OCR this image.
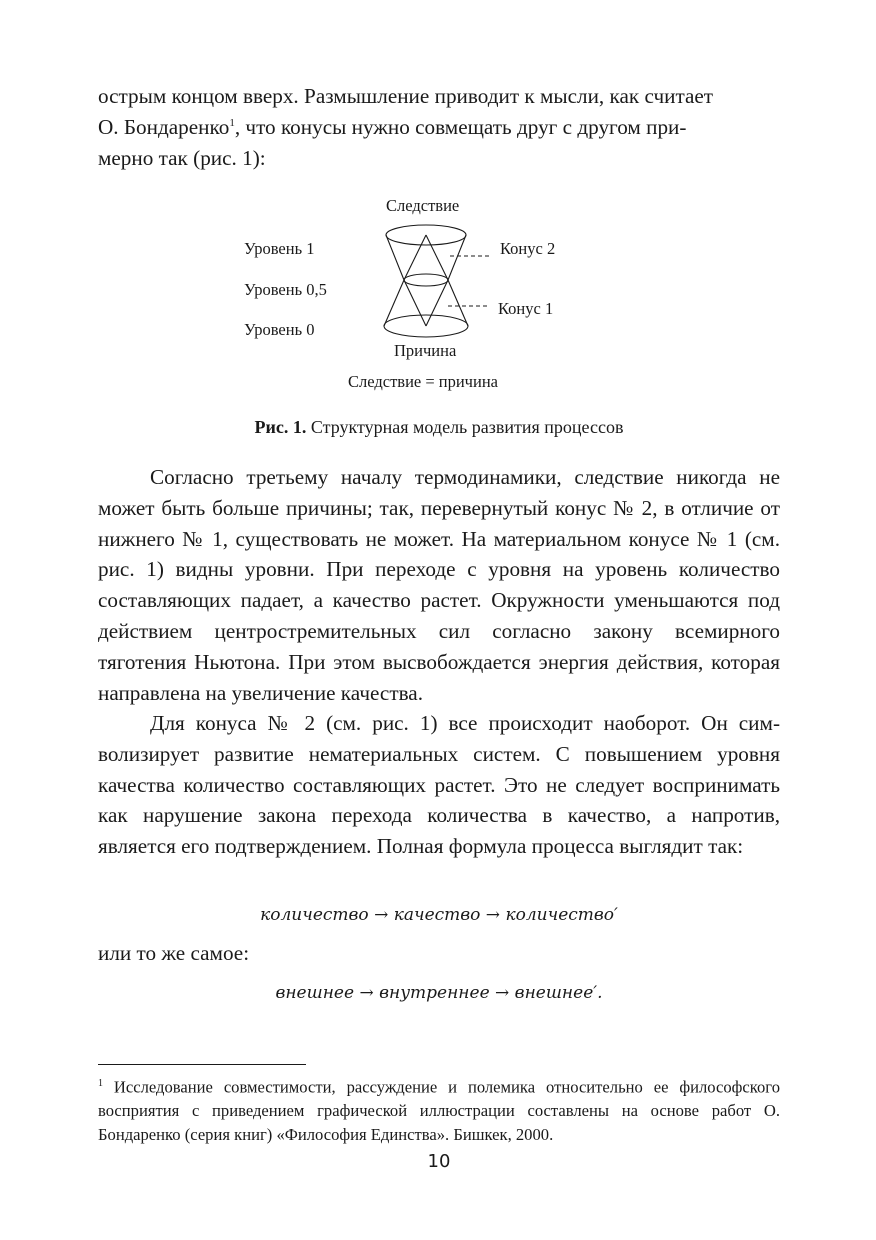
острым концом вверх. Размышление приводит к мысли, как считает
О. Бондаренко$^1$, что конусы нужно совмещать друг с другом при-
мерно так (рис. 1):

Следствие
Уровень 1
Уровень 0,5
Уровень 0
Конус 2
Конус 1
Причина
Следствие = причина
Рис. 1. Структурная модель развития процессов

Согласно третьему началу термодинамики, следствие никогда не может быть больше причины; так, перевернутый конус № 2, в отличие от нижнего № 1, существовать не может. На материальном конусе № 1 (см. рис. 1) видны уровни. При переходе с уровня на уровень количество составляющих падает, а качество растет. Окружности уменьшаются под действием центростремительных сил согласно закону всемирного тяготения Ньютона. При этом высвобождается энергия действия, которая направлена на увеличение качества.

Для конуса № 2 (см. рис. 1) все происходит наоборот. Он символизирует развитие нематериальных систем. С повышением уровня качества количество составляющих растет. Это не следует воспринимать как нарушение закона перехода количества в качество, а напротив, является его подтверждением. Полная формула процесса выглядит так:

количество → качество → количество′
или то же самое:
внешнее → внутреннее → внешнее′.

$^1$ Исследование совместимости, рассуждение и полемика относительно ее философского восприятия с приведением графической иллюстрации составлены на основе работ О. Бондаренко (серия книг) «Философия Единства». Бишкек, 2000.

10
